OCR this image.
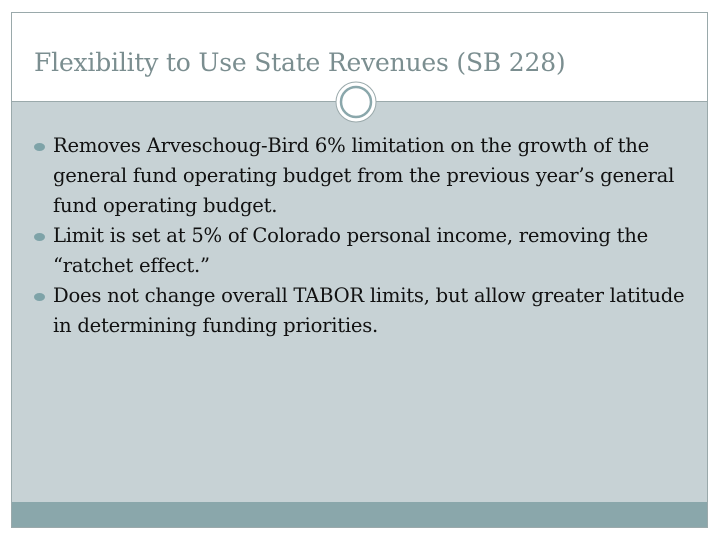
Flexibility to Use State Revenues (SB 228)
Removes Arveschoug-Bird 6% limitation on the growth of the general fund operating budget from the previous year’s general fund operating budget.
Limit is set at 5% of Colorado personal income, removing the “ratchet effect.”
Does not change overall TABOR limits, but allow greater latitude in determining funding priorities.
